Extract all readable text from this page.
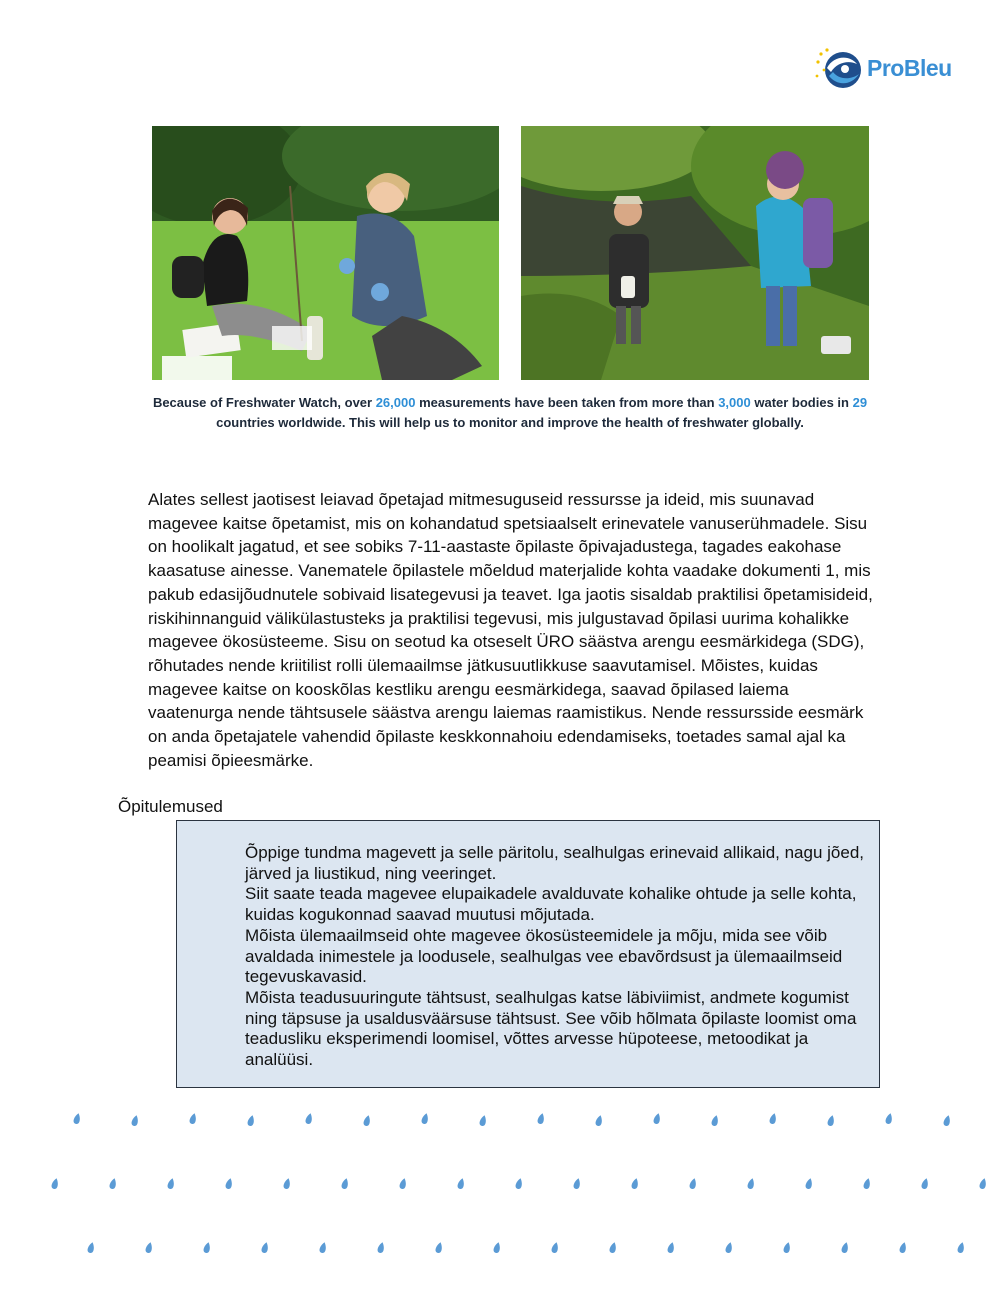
ProBleu
Because of Freshwater Watch, over 26,000 measurements have been taken from more than 3,000 water bodies in 29 countries worldwide. This will help us to monitor and improve the health of freshwater globally.

Alates sellest jaotisest leiavad õpetajad mitmesuguseid ressursse ja ideid, mis suunavad magevee kaitse õpetamist, mis on kohandatud spetsiaalselt erinevatele vanuserühmadele. Sisu on hoolikalt jagatud, et see sobiks 7-11-aastaste õpilaste õpivajadustega, tagades eakohase kaasatuse ainesse. Vanematele õpilastele mõeldud materjalide kohta vaadake dokumenti 1, mis pakub edasijõudnutele sobivaid lisategevusi ja teavet. Iga jaotis sisaldab praktilisi õpetamisideid, riskihinnanguid välikülastusteks ja praktilisi tegevusi, mis julgustavad õpilasi uurima kohalikke magevee ökosüsteeme. Sisu on seotud ka otseselt ÜRO säästva arengu eesmärkidega (SDG), rõhutades nende kriitilist rolli ülemaailmse jätkusuutlikkuse saavutamisel. Mõistes, kuidas magevee kaitse on kooskõlas kestliku arengu eesmärkidega, saavad õpilased laiema vaatenurga nende tähtsusele säästva arengu laiemas raamistikus. Nende ressursside eesmärk on anda õpetajatele vahendid õpilaste keskkonnahoiu edendamiseks, toetades samal ajal ka peamisi õpieesmärke.

Õpitulemused

Õppige tundma magevett ja selle päritolu, sealhulgas erinevaid allikaid, nagu jõed, järved ja liustikud, ning veeringet.
Siit saate teada magevee elupaikadele avalduvate kohalike ohtude ja selle kohta, kuidas kogukonnad saavad muutusi mõjutada.
Mõista ülemaailmseid ohte magevee ökosüsteemidele ja mõju, mida see võib avaldada inimestele ja loodusele, sealhulgas vee ebavõrdsust ja ülemaailmseid tegevuskavasid.
Mõista teadusuuringute tähtsust, sealhulgas katse läbiviimist, andmete kogumist ning täpsuse ja usaldusväärsuse tähtsust. See võib hõlmata õpilaste loomist oma teadusliku eksperimendi loomisel, võttes arvesse hüpoteese, metoodikat ja analüüsi.
